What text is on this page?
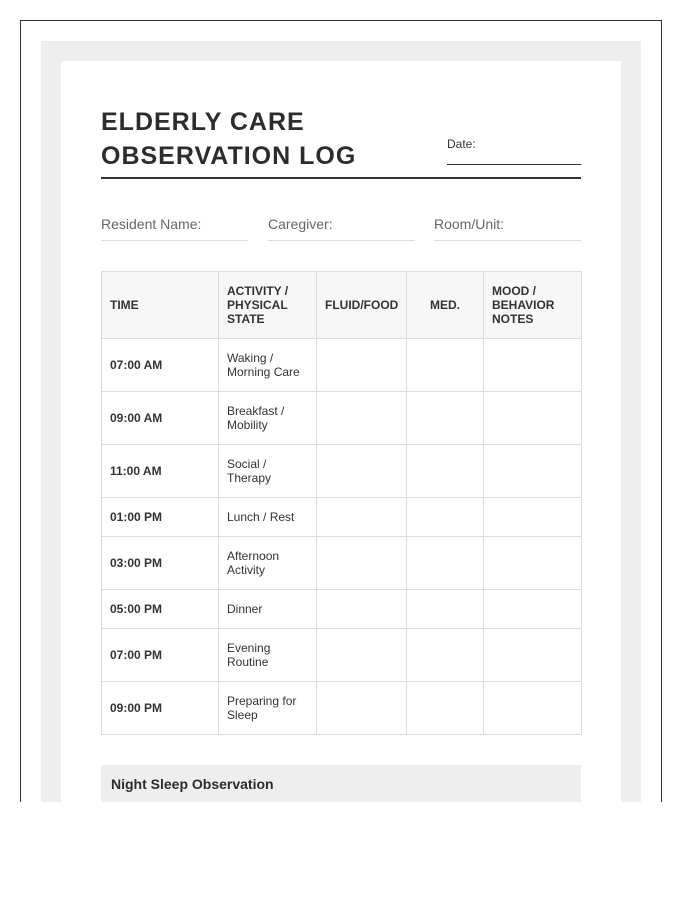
ELDERLY CARE
OBSERVATION LOG	Date:
Resident Name:	Caregiver:	Room/Unit:
TIME	ACTIVITY / PHYSICAL STATE	FLUID/FOOD	MED.	MOOD / BEHAVIOR NOTES
07:00 AM	Waking / Morning Care			
09:00 AM	Breakfast / Mobility			
11:00 AM	Social / Therapy			
01:00 PM	Lunch / Rest			
03:00 PM	Afternoon Activity			
05:00 PM	Dinner			
07:00 PM	Evening Routine			
09:00 PM	Preparing for Sleep			
Night Sleep Observation
